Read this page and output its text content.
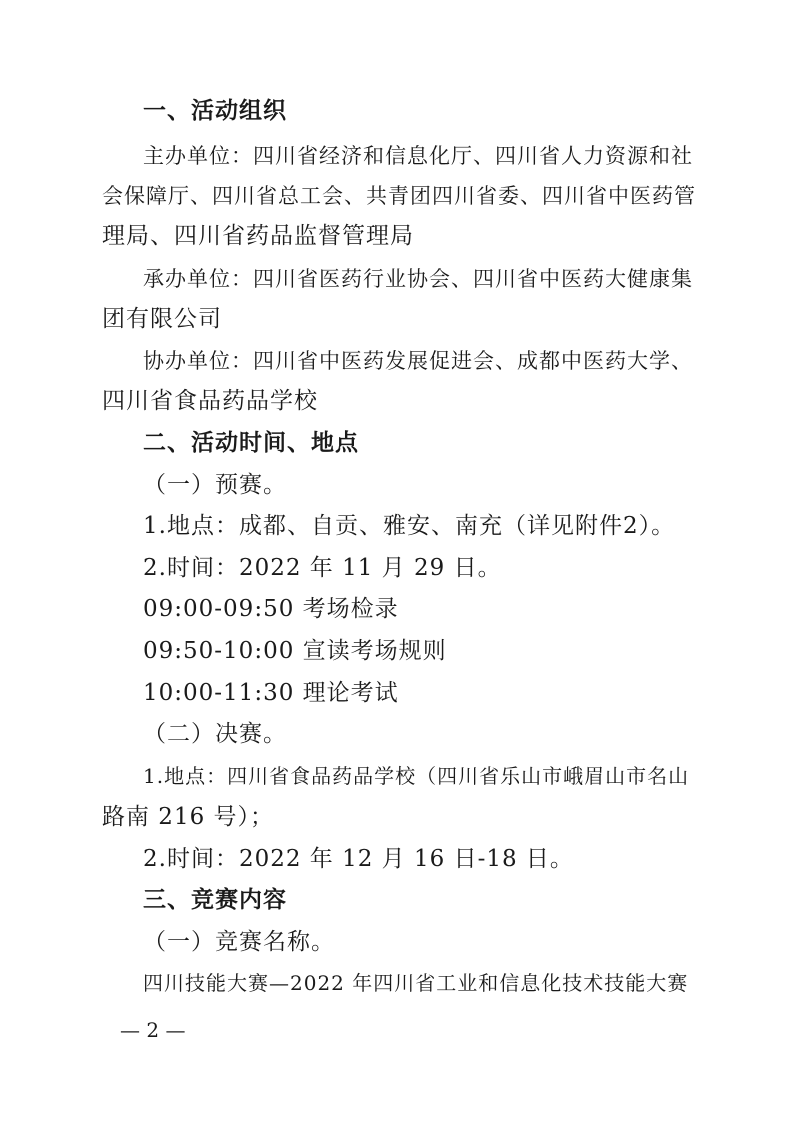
一、活动组织
主办单位：四川省经济和信息化厅、四川省人力资源和社
会保障厅、四川省总工会、共青团四川省委、四川省中医药管
理局、四川省药品监督管理局
承办单位：四川省医药行业协会、四川省中医药大健康集
团有限公司
协办单位：四川省中医药发展促进会、成都中医药大学、
四川省食品药品学校
二、活动时间、地点
（一）预赛。
1.地点：成都、自贡、雅安、南充（详见附件2）。
2.时间：2022 年 11 月 29 日。
09:00-09:50 考场检录
09:50-10:00 宣读考场规则
10:00-11:30 理论考试
（二）决赛。
1.地点：四川省食品药品学校（四川省乐山市峨眉山市名山
路南 216 号）；
2.时间：2022 年 12 月 16 日-18 日。
三、竞赛内容
（一）竞赛名称。
四川技能大赛—2022 年四川省工业和信息化技术技能大赛
— 2 —
